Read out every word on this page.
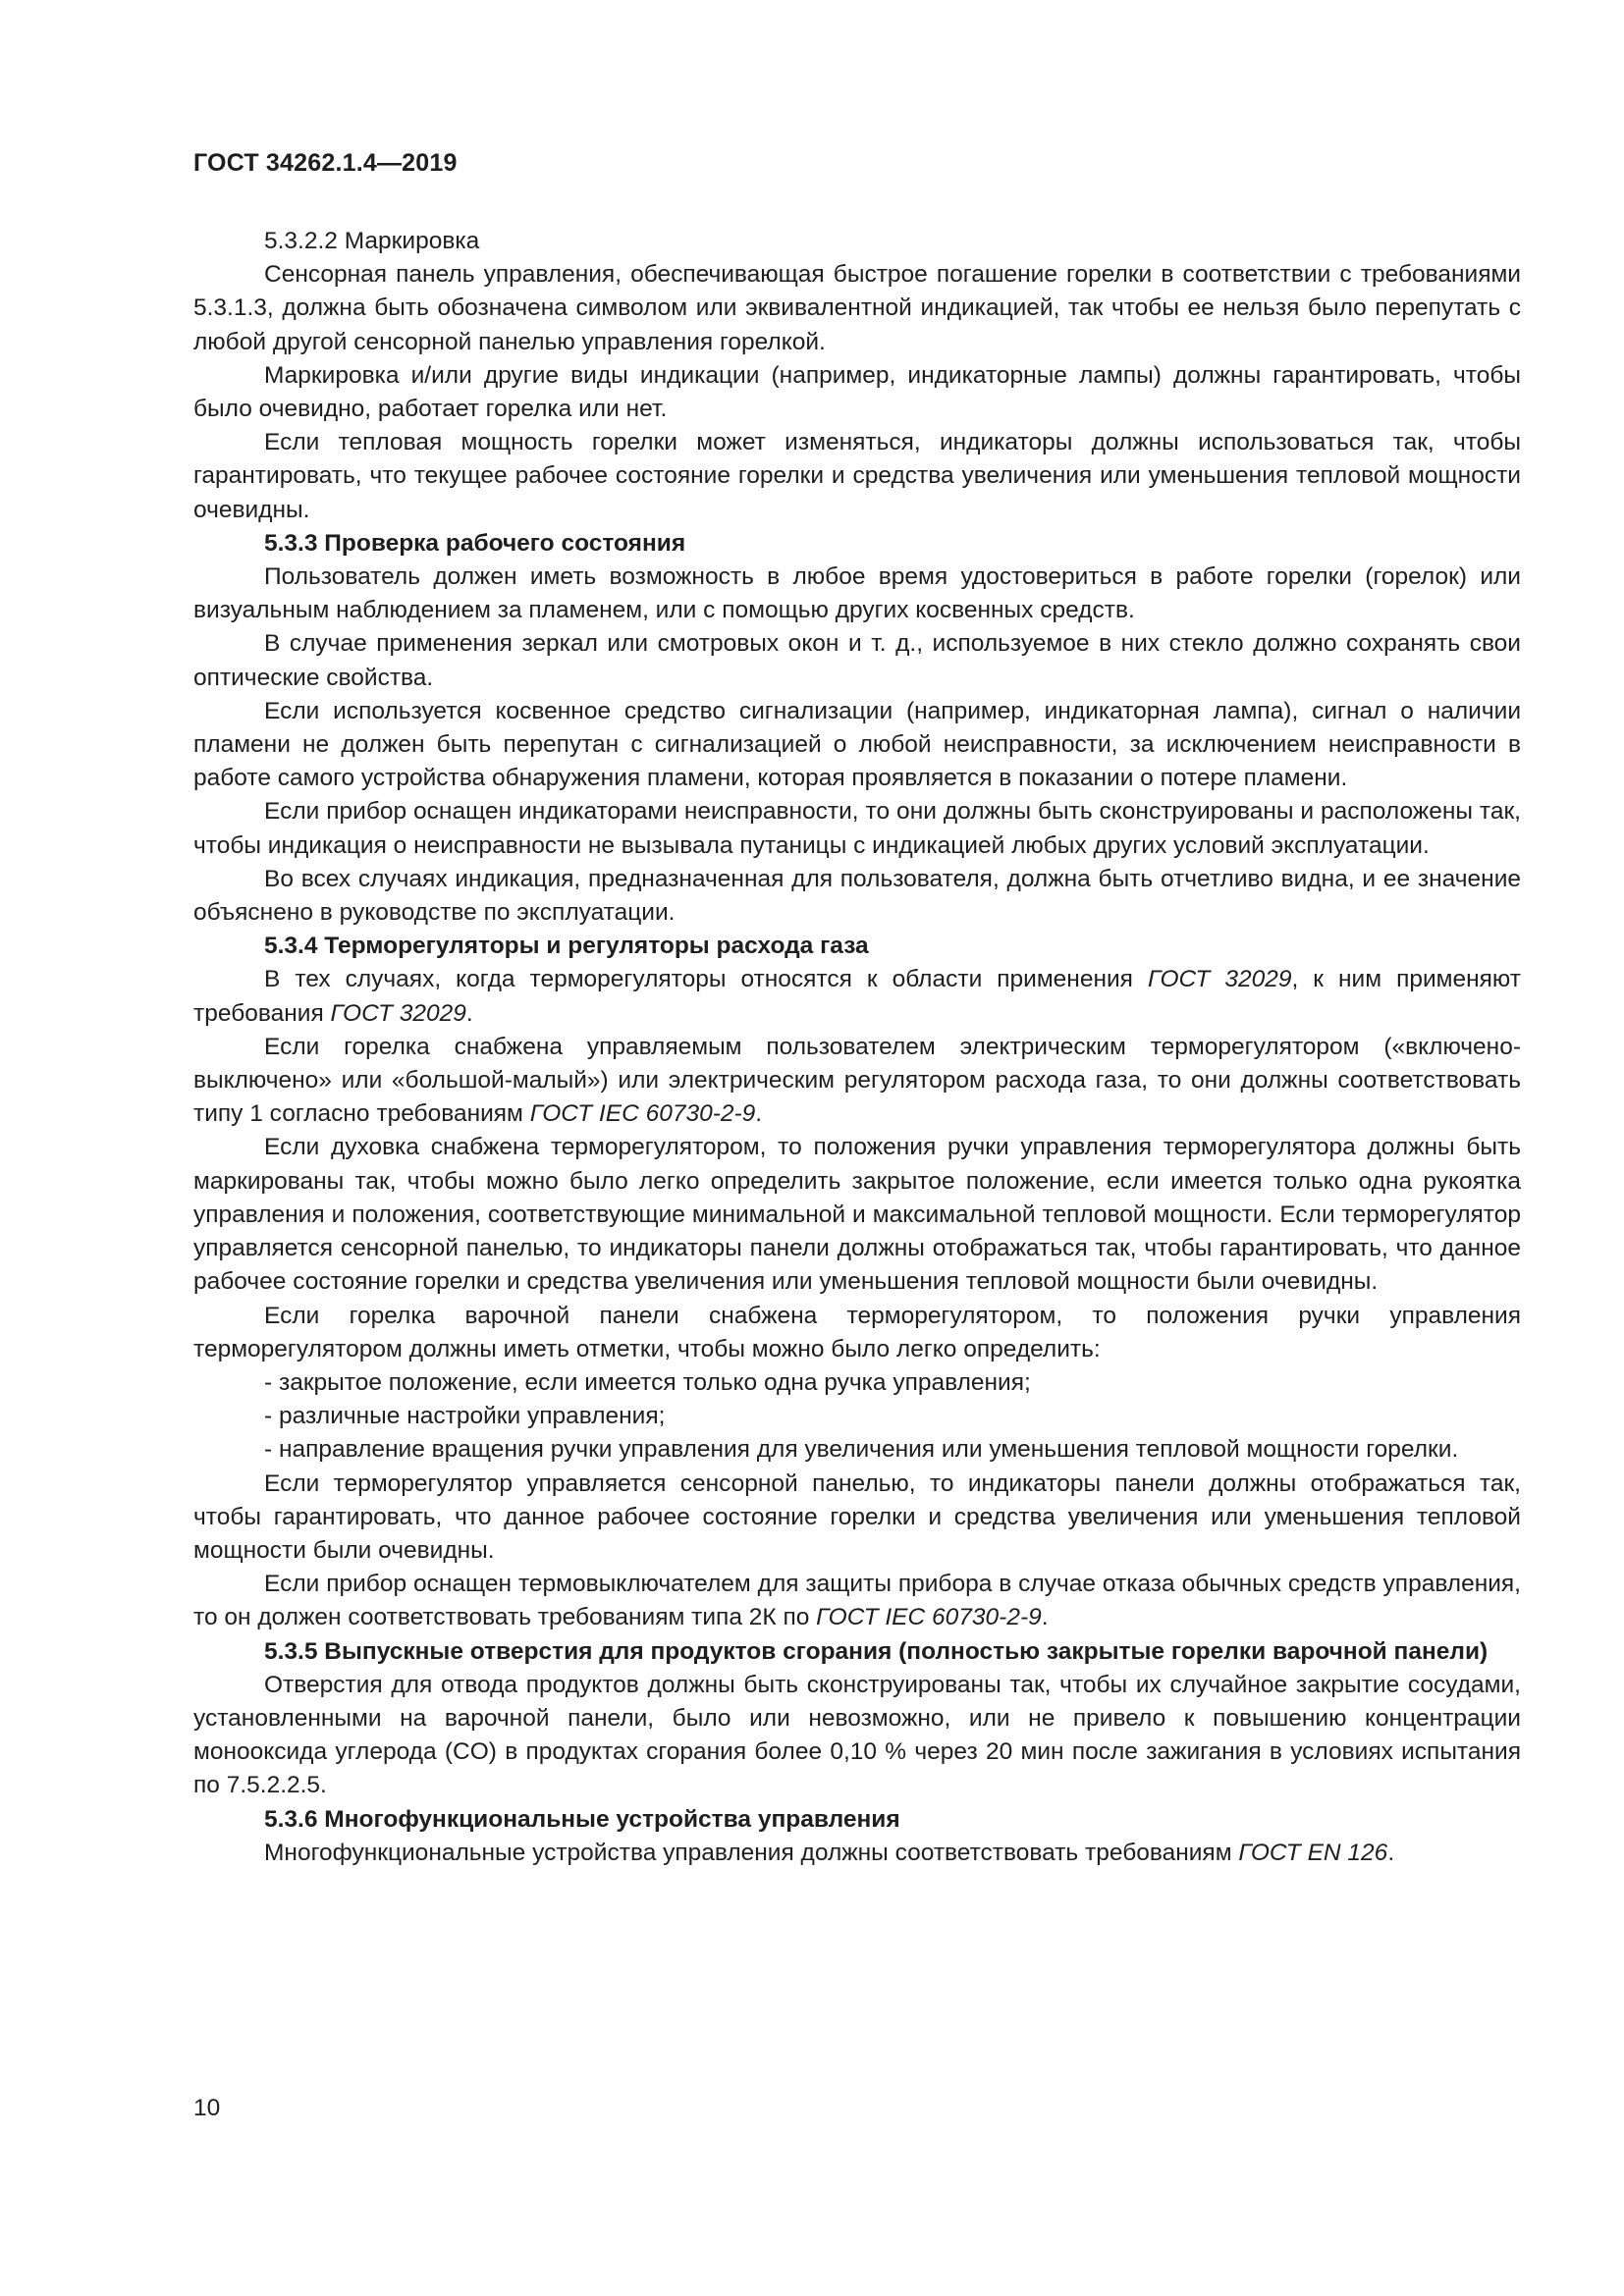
ГОСТ 34262.1.4—2019

5.3.2.2 Маркировка

Сенсорная панель управления, обеспечивающая быстрое погашение горелки в соответствии с требованиями 5.3.1.3, должна быть обозначена символом или эквивалентной индикацией, так чтобы ее нельзя было перепутать с любой другой сенсорной панелью управления горелкой.

Маркировка и/или другие виды индикации (например, индикаторные лампы) должны гарантировать, чтобы было очевидно, работает горелка или нет.

Если тепловая мощность горелки может изменяться, индикаторы должны использоваться так, чтобы гарантировать, что текущее рабочее состояние горелки и средства увеличения или уменьшения тепловой мощности очевидны.

5.3.3 Проверка рабочего состояния

Пользователь должен иметь возможность в любое время удостовериться в работе горелки (горелок) или визуальным наблюдением за пламенем, или с помощью других косвенных средств.

В случае применения зеркал или смотровых окон и т. д., используемое в них стекло должно сохранять свои оптические свойства.

Если используется косвенное средство сигнализации (например, индикаторная лампа), сигнал о наличии пламени не должен быть перепутан с сигнализацией о любой неисправности, за исключением неисправности в работе самого устройства обнаружения пламени, которая проявляется в показании о потере пламени.

Если прибор оснащен индикаторами неисправности, то они должны быть сконструированы и расположены так, чтобы индикация о неисправности не вызывала путаницы с индикацией любых других условий эксплуатации.

Во всех случаях индикация, предназначенная для пользователя, должна быть отчетливо видна, и ее значение объяснено в руководстве по эксплуатации.

5.3.4 Терморегуляторы и регуляторы расхода газа

В тех случаях, когда терморегуляторы относятся к области применения ГОСТ 32029, к ним применяют требования ГОСТ 32029.

Если горелка снабжена управляемым пользователем электрическим терморегулятором («включено-выключено» или «большой-малый») или электрическим регулятором расхода газа, то они должны соответствовать типу 1 согласно требованиям ГОСТ IEC 60730-2-9.

Если духовка снабжена терморегулятором, то положения ручки управления терморегулятора должны быть маркированы так, чтобы можно было легко определить закрытое положение, если имеется только одна рукоятка управления и положения, соответствующие минимальной и максимальной тепловой мощности. Если терморегулятор управляется сенсорной панелью, то индикаторы панели должны отображаться так, чтобы гарантировать, что данное рабочее состояние горелки и средства увеличения или уменьшения тепловой мощности были очевидны.

Если горелка варочной панели снабжена терморегулятором, то положения ручки управления терморегулятором должны иметь отметки, чтобы можно было легко определить:

- закрытое положение, если имеется только одна ручка управления;

- различные настройки управления;

- направление вращения ручки управления для увеличения или уменьшения тепловой мощности горелки.

Если терморегулятор управляется сенсорной панелью, то индикаторы панели должны отображаться так, чтобы гарантировать, что данное рабочее состояние горелки и средства увеличения или уменьшения тепловой мощности были очевидны.

Если прибор оснащен термовыключателем для защиты прибора в случае отказа обычных средств управления, то он должен соответствовать требованиям типа 2К по ГОСТ IEC 60730-2-9.

5.3.5 Выпускные отверстия для продуктов сгорания (полностью закрытые горелки варочной панели)

Отверстия для отвода продуктов должны быть сконструированы так, чтобы их случайное закрытие сосудами, установленными на варочной панели, было или невозможно, или не привело к повышению концентрации монооксида углерода (CO) в продуктах сгорания более 0,10 % через 20 мин после зажигания в условиях испытания по 7.5.2.2.5.

5.3.6 Многофункциональные устройства управления

Многофункциональные устройства управления должны соответствовать требованиям ГОСТ EN 126.

10
